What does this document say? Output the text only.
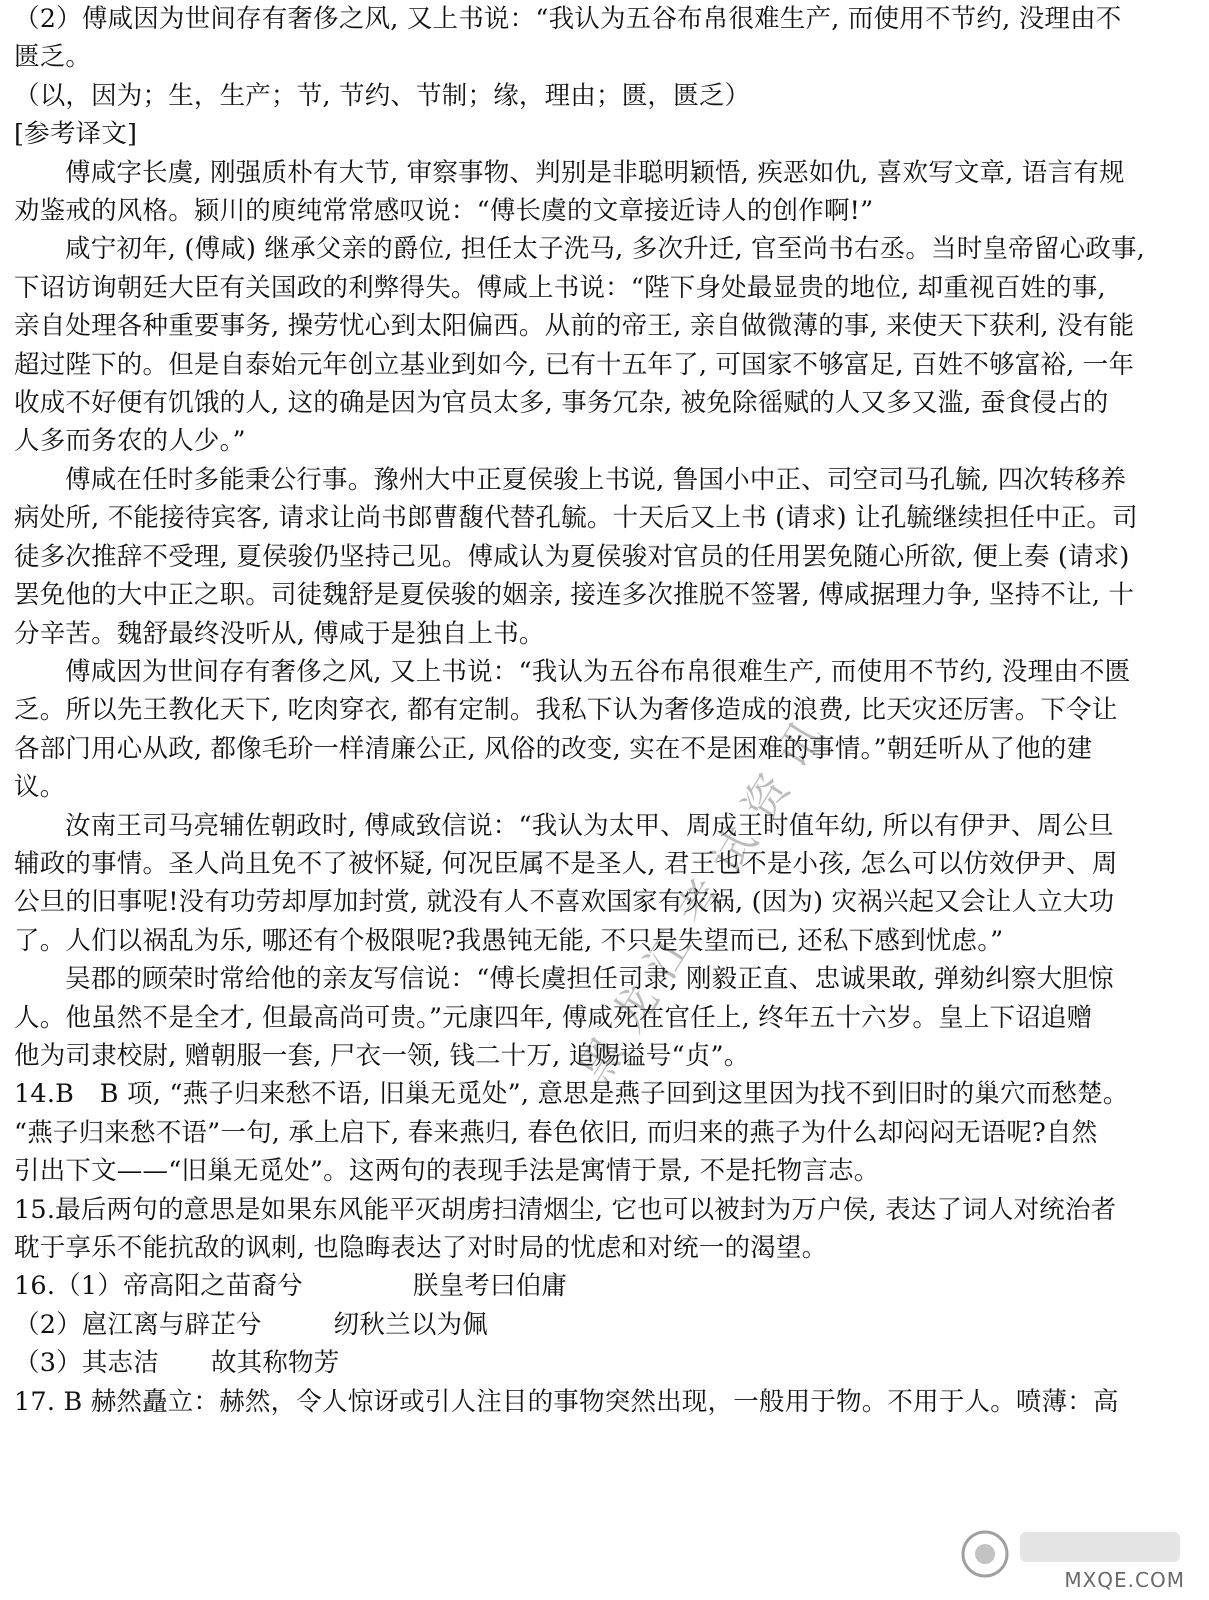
（2）傅咸因为世间存有奢侈之风, 又上书说：“我认为五谷布帛很难生产, 而使用不节约, 没理由不
匮乏。
（以，因为；生，生产；节, 节约、节制；缘，理由；匮，匮乏）
[参考译文]
傅咸字长虞, 刚强质朴有大节, 审察事物、判别是非聪明颖悟, 疾恶如仇, 喜欢写文章, 语言有规
劝鉴戒的风格。颍川的庾纯常常感叹说：“傅长虞的文章接近诗人的创作啊!”
咸宁初年, (傅咸) 继承父亲的爵位, 担任太子洗马, 多次升迁, 官至尚书右丞。当时皇帝留心政事,
下诏访询朝廷大臣有关国政的利弊得失。傅咸上书说：“陛下身处最显贵的地位, 却重视百姓的事,
亲自处理各种重要事务, 操劳忧心到太阳偏西。从前的帝王, 亲自做微薄的事, 来使天下获利, 没有能
超过陛下的。但是自泰始元年创立基业到如今, 已有十五年了, 可国家不够富足, 百姓不够富裕, 一年
收成不好便有饥饿的人, 这的确是因为官员太多, 事务冗杂, 被免除徭赋的人又多又滥, 蚕食侵占的
人多而务农的人少。”
傅咸在任时多能秉公行事。豫州大中正夏侯骏上书说, 鲁国小中正、司空司马孔毓, 四次转移养
病处所, 不能接待宾客, 请求让尚书郎曹馥代替孔毓。十天后又上书 (请求) 让孔毓继续担任中正。司
徒多次推辞不受理, 夏侯骏仍坚持己见。傅咸认为夏侯骏对官员的任用罢免随心所欲, 便上奏 (请求)
罢免他的大中正之职。司徒魏舒是夏侯骏的姻亲, 接连多次推脱不签署, 傅咸据理力争, 坚持不让, 十
分辛苦。魏舒最终没听从, 傅咸于是独自上书。
傅咸因为世间存有奢侈之风, 又上书说：“我认为五谷布帛很难生产, 而使用不节约, 没理由不匮
乏。所以先王教化天下, 吃肉穿衣, 都有定制。我私下认为奢侈造成的浪费, 比天灾还厉害。下令让
各部门用心从政, 都像毛玠一样清廉公正, 风俗的改变, 实在不是困难的事情。”朝廷听从了他的建
议。
汝南王司马亮辅佐朝政时, 傅咸致信说：“我认为太甲、周成王时值年幼, 所以有伊尹、周公旦
辅政的事情。圣人尚且免不了被怀疑, 何况臣属不是圣人, 君王也不是小孩, 怎么可以仿效伊尹、周
公旦的旧事呢!没有功劳却厚加封赏, 就没有人不喜欢国家有灾祸, (因为) 灾祸兴起又会让人立大功
了。人们以祸乱为乐, 哪还有个极限呢?我愚钝无能, 不只是失望而已, 还私下感到忧虑。”
吴郡的顾荣时常给他的亲友写信说：“傅长虞担任司隶, 刚毅正直、忠诚果敢, 弹劾纠察大胆惊
人。他虽然不是全才, 但最高尚可贵。”元康四年, 傅咸死在官任上, 终年五十六岁。皇上下诏追赠
他为司隶校尉, 赠朝服一套, 尸衣一领, 钱二十万, 追赐谥号“贞”。
14.B　B 项, “燕子归来愁不语, 旧巢无觅处”, 意思是燕子回到这里因为找不到旧时的巢穴而愁楚。
“燕子归来愁不语”一句, 承上启下, 春来燕归, 春色依旧, 而归来的燕子为什么却闷闷无语呢?自然
引出下文——“旧巢无觅处”。这两句的表现手法是寓情于景, 不是托物言志。
15.最后两句的意思是如果东风能平灭胡虏扫清烟尘, 它也可以被封为万户侯, 表达了词人对统治者
耽于享乐不能抗敌的讽刺, 也隐晦表达了对时局的忧虑和对统一的渴望。
16.（1）帝高阳之苗裔兮	朕皇考曰伯庸
（2）扈江离与辟芷兮	纫秋兰以为佩
（3）其志洁 故其称物芳
17. B 赫然矗立：赫然，令人惊讶或引人注目的事物突然出现，一般用于物。不用于人。喷薄：高
黑龙江考试资讯
MXQE.COM
